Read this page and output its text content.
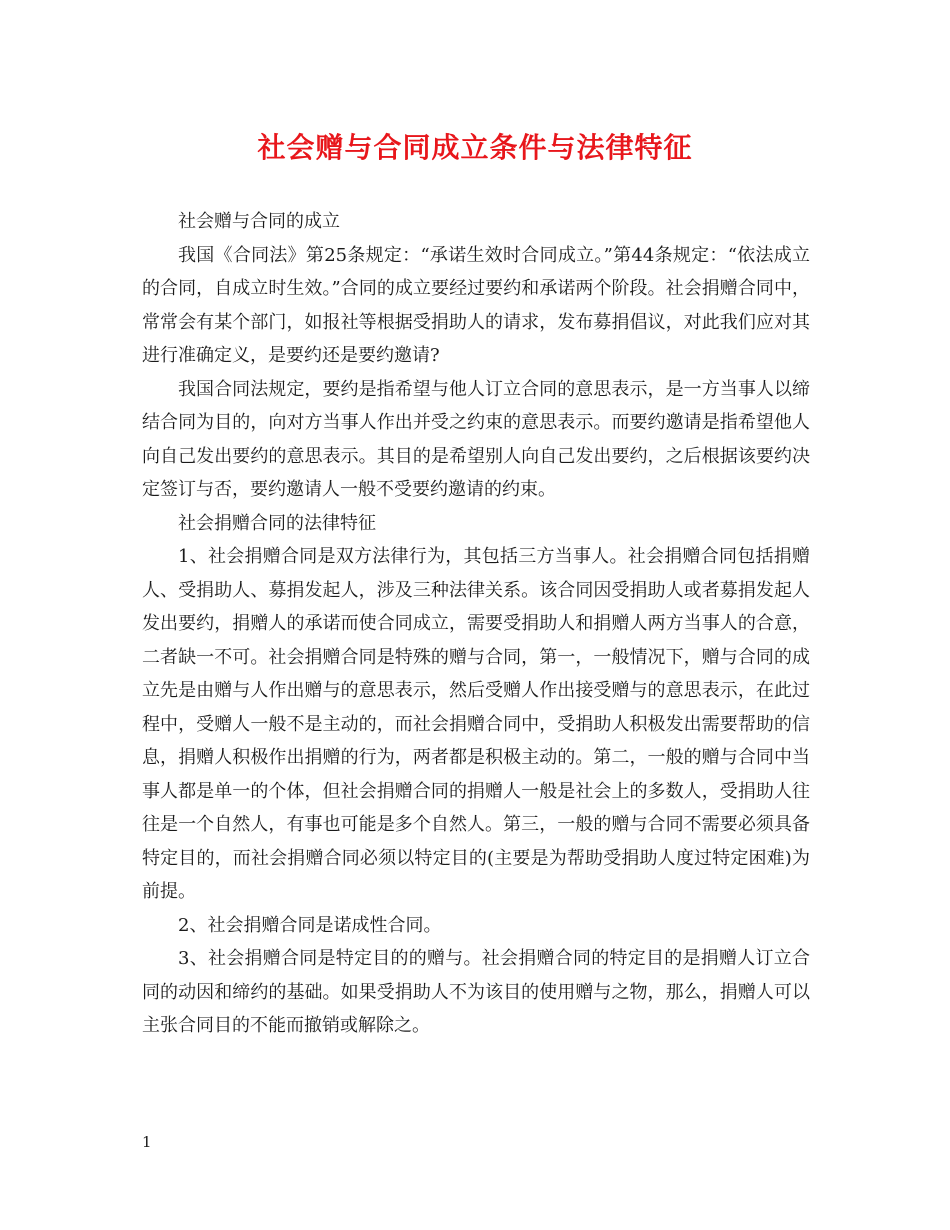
社会赠与合同成立条件与法律特征

社会赠与合同的成立

我国《合同法》第25条规定：“承诺生效时合同成立。”第44条规定：“依法成立的合同，自成立时生效。”合同的成立要经过要约和承诺两个阶段。社会捐赠合同中，常常会有某个部门，如报社等根据受捐助人的请求，发布募捐倡议，对此我们应对其进行准确定义，是要约还是要约邀请?

我国合同法规定，要约是指希望与他人订立合同的意思表示，是一方当事人以缔结合同为目的，向对方当事人作出并受之约束的意思表示。而要约邀请是指希望他人向自己发出要约的意思表示。其目的是希望别人向自己发出要约，之后根据该要约决定签订与否，要约邀请人一般不受要约邀请的约束。

社会捐赠合同的法律特征

1、社会捐赠合同是双方法律行为，其包括三方当事人。社会捐赠合同包括捐赠人、受捐助人、募捐发起人，涉及三种法律关系。该合同因受捐助人或者募捐发起人发出要约，捐赠人的承诺而使合同成立，需要受捐助人和捐赠人两方当事人的合意，二者缺一不可。社会捐赠合同是特殊的赠与合同，第一，一般情况下，赠与合同的成立先是由赠与人作出赠与的意思表示，然后受赠人作出接受赠与的意思表示，在此过程中，受赠人一般不是主动的，而社会捐赠合同中，受捐助人积极发出需要帮助的信息，捐赠人积极作出捐赠的行为，两者都是积极主动的。第二，一般的赠与合同中当事人都是单一的个体，但社会捐赠合同的捐赠人一般是社会上的多数人，受捐助人往往是一个自然人，有事也可能是多个自然人。第三，一般的赠与合同不需要必须具备特定目的，而社会捐赠合同必须以特定目的(主要是为帮助受捐助人度过特定困难)为前提。

2、社会捐赠合同是诺成性合同。

3、社会捐赠合同是特定目的的赠与。社会捐赠合同的特定目的是捐赠人订立合同的动因和缔约的基础。如果受捐助人不为该目的使用赠与之物，那么，捐赠人可以主张合同目的不能而撤销或解除之。

1
